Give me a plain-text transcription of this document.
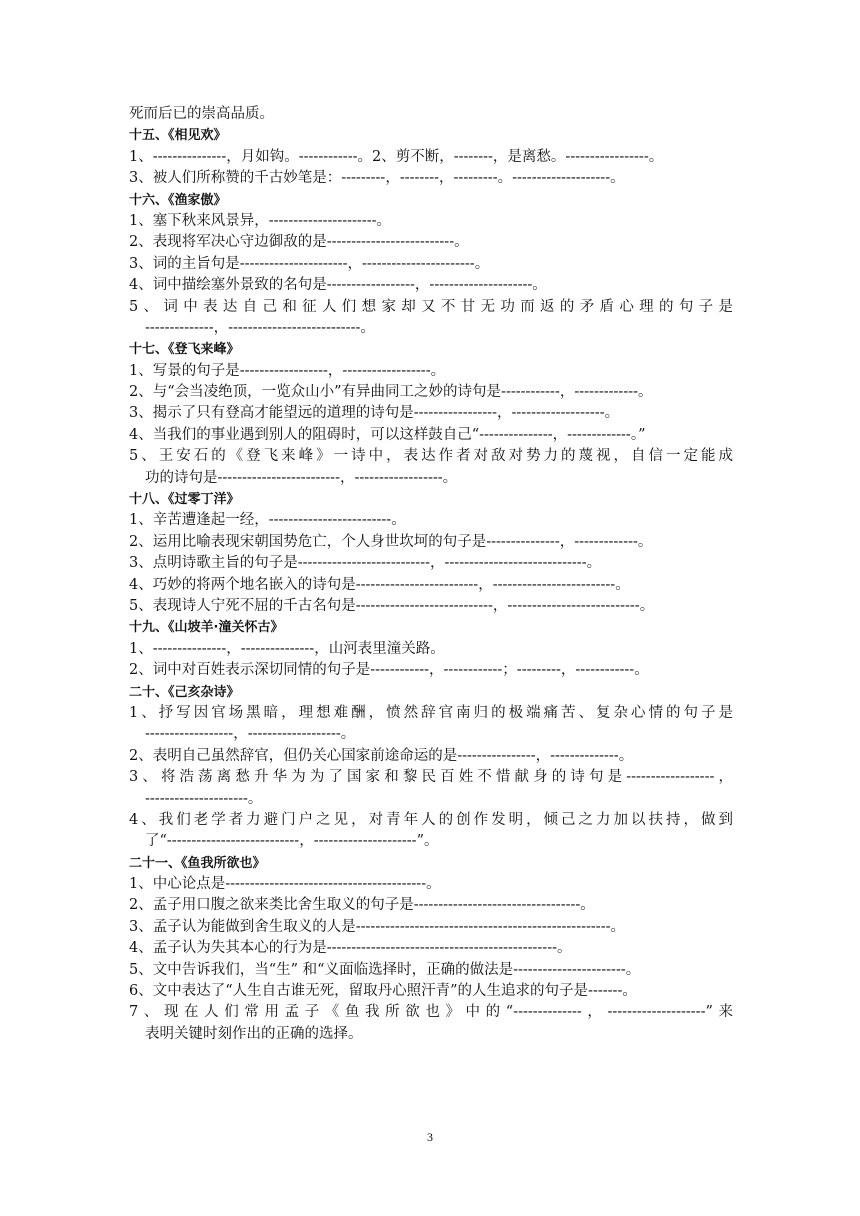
死而后已的崇高品质。
十五、《相见欢》
1、---------------，月如钩。------------。2、剪不断，--------，是离愁。-----------------。
3、被人们所称赞的千古妙笔是：---------，--------，---------。--------------------。
十六、《渔家傲》
1、塞下秋来风景异，----------------------。
2、表现将军决心守边御敌的是--------------------------。
3、词的主旨句是----------------------，-----------------------。
4、词中描绘塞外景致的名句是------------------，---------------------。
5、词中表达自己和征人们想家却又不甘无功而返的矛盾心理的句子是
--------------，---------------------------。
十七、《登飞来峰》
1、写景的句子是------------------，------------------。
2、与“会当凌绝顶，一览众山小”有异曲同工之妙的诗句是------------，-------------。
3、揭示了只有登高才能望远的道理的诗句是-----------------，-------------------。
4、当我们的事业遇到别人的阻碍时，可以这样鼓自己“---------------，-------------。”
5、王安石的《登飞来峰》一诗中，表达作者对敌对势力的蔑视，自信一定能成
功的诗句是-------------------------，------------------。
十八、《过零丁洋》
1、辛苦遭逢起一经，-------------------------。
2、运用比喻表现宋朝国势危亡，个人身世坎坷的句子是---------------，-------------。
3、点明诗歌主旨的句子是---------------------------，-----------------------------。
4、巧妙的将两个地名嵌入的诗句是-------------------------，-------------------------。
5、表现诗人宁死不屈的千古名句是----------------------------，---------------------------。
十九、《山坡羊·潼关怀古》
1、---------------，---------------，山河表里潼关路。
2、词中对百姓表示深切同情的句子是------------，------------；---------，------------。
二十、《己亥杂诗》
1、抒写因官场黑暗，理想难酬，愤然辞官南归的极端痛苦、复杂心情的句子是
------------------，-------------------。
2、表明自己虽然辞官，但仍关心国家前途命运的是----------------，--------------。
3、将浩荡离愁升华为为了国家和黎民百姓不惜献身的诗句是------------------，
---------------------。
4、我们老学者力避门户之见，对青年人的创作发明，倾己之力加以扶持，做到
了“---------------------------，---------------------”。
二十一、《鱼我所欲也》
1、中心论点是-----------------------------------------。
2、孟子用口腹之欲来类比舍生取义的句子是----------------------------------。
3、孟子认为能做到舍生取义的人是----------------------------------------------------。
4、孟子认为失其本心的行为是-----------------------------------------------。
5、文中告诉我们，当“生” 和“义面临选择时，正确的做法是-----------------------。
6、文中表达了“人生自古谁无死，留取丹心照汗青”的人生追求的句子是-------。
7、现在人们常用孟子《鱼我所欲也》中的“--------------，--------------------”来
表明关键时刻作出的正确的选择。
3
